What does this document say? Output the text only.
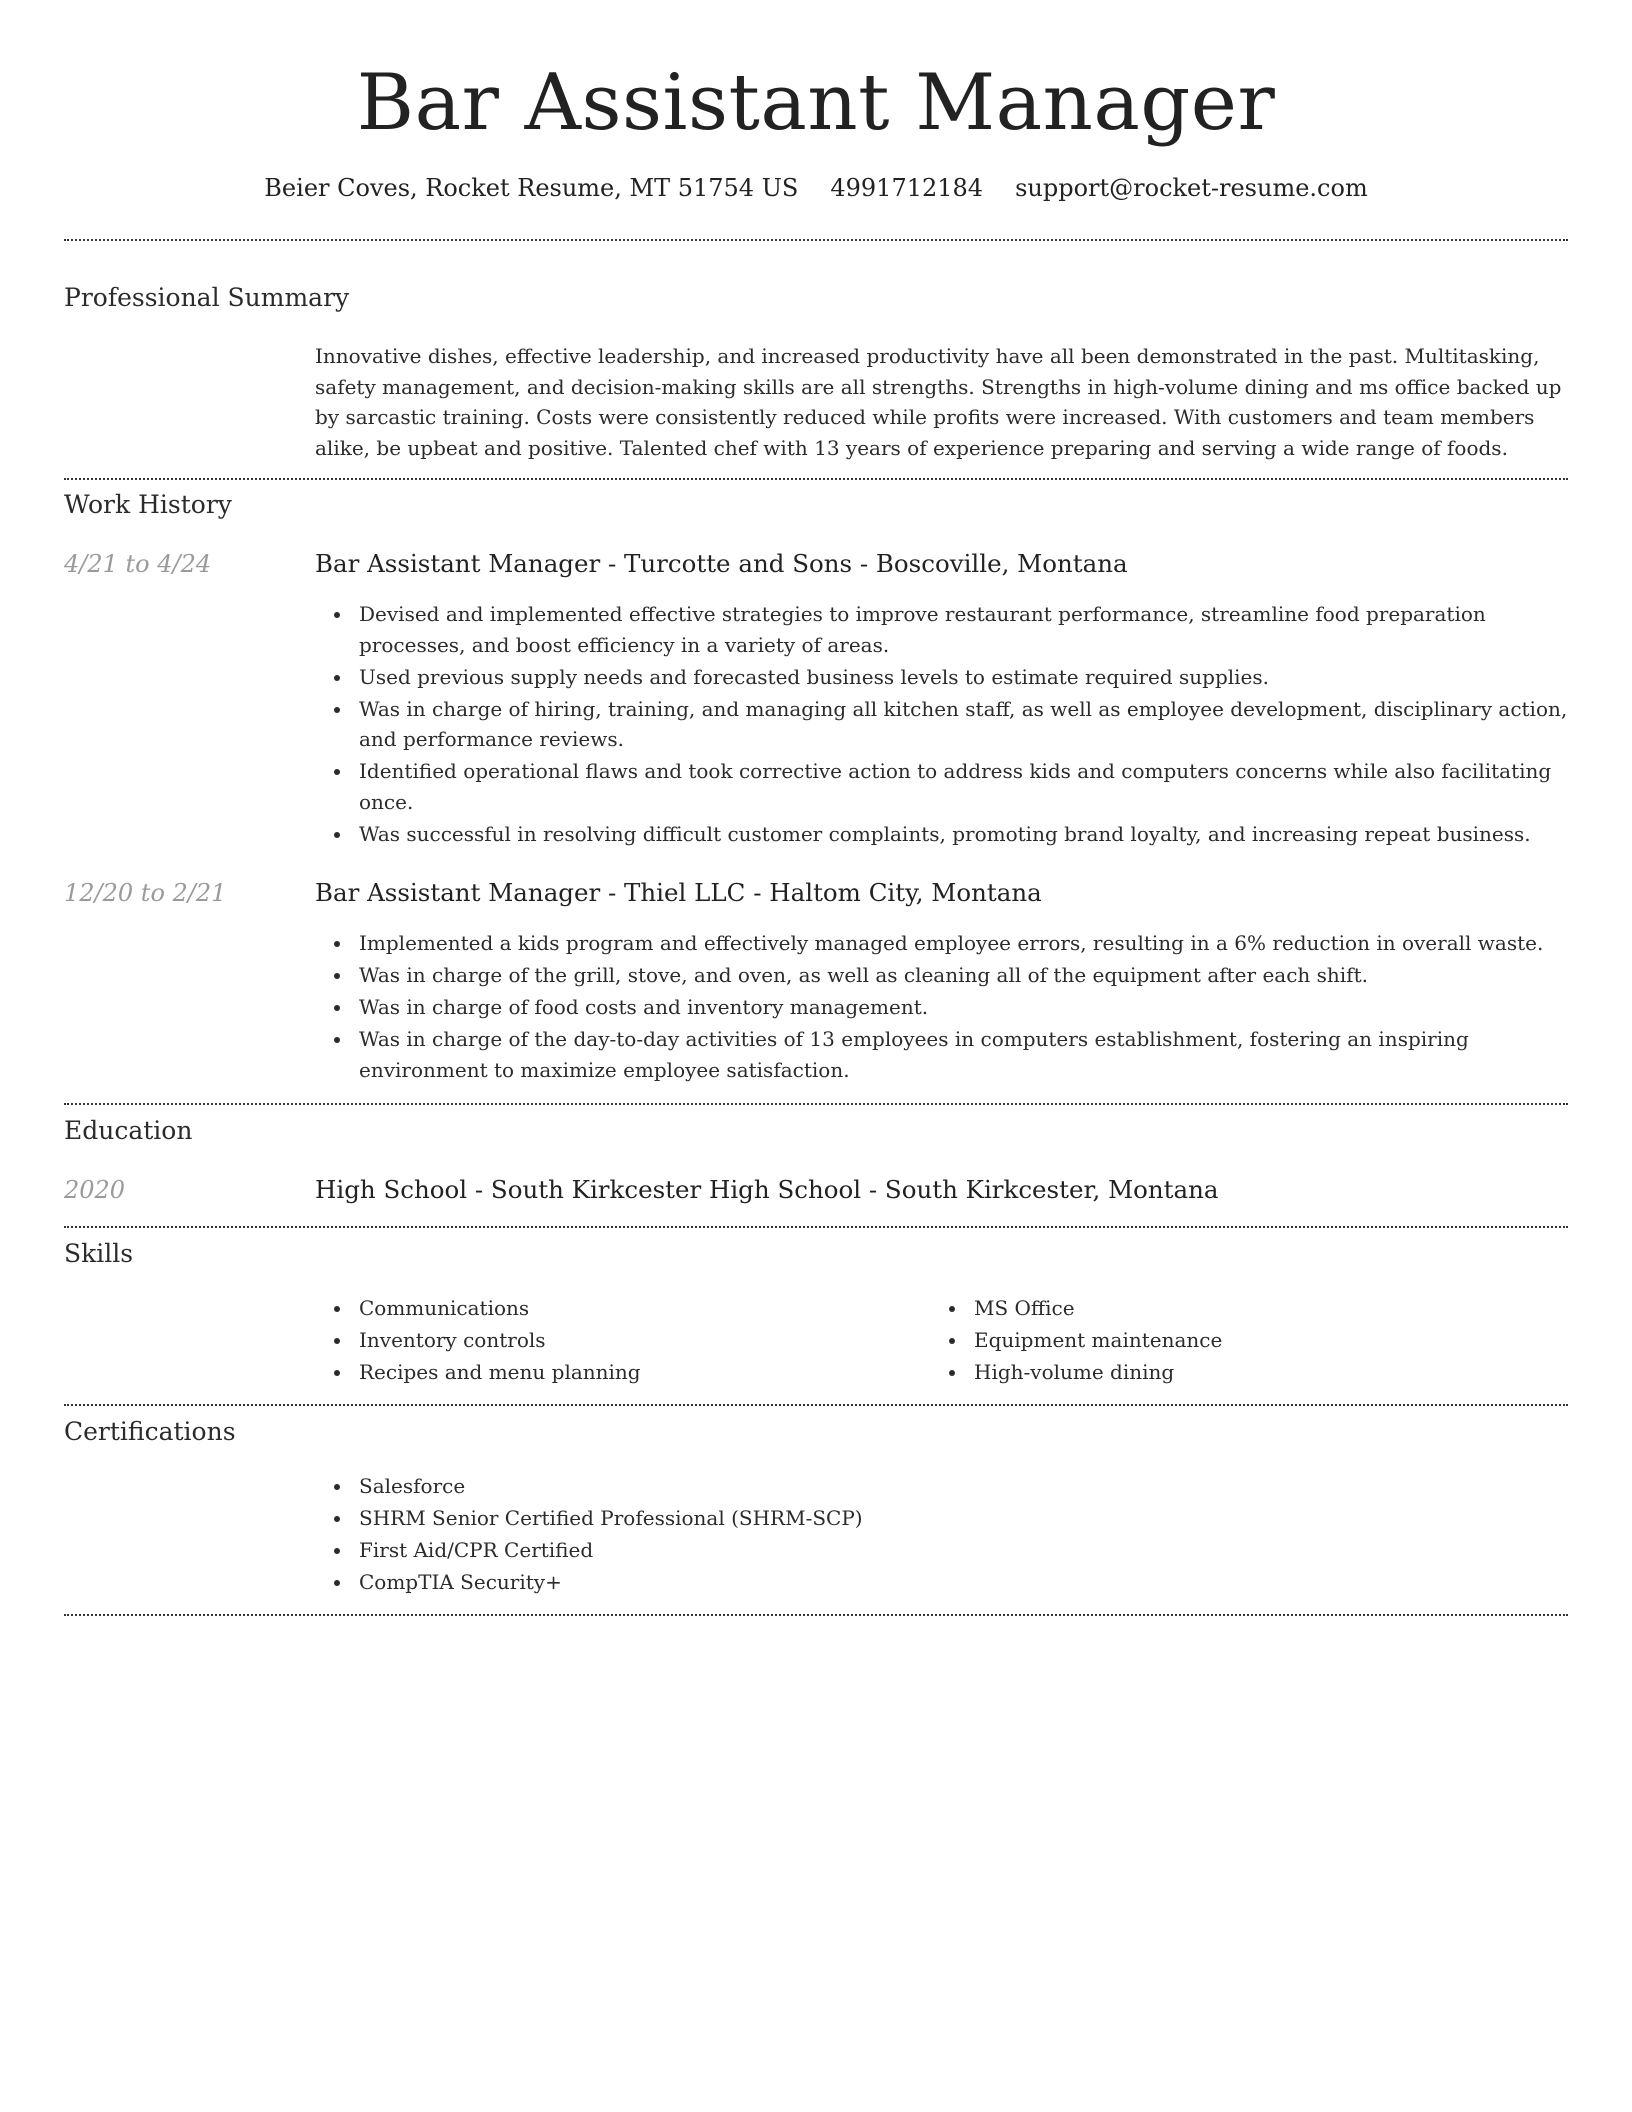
Bar Assistant Manager
Beier Coves, Rocket Resume, MT 51754 US 4991712184 support@rocket-resume.com
Professional Summary
Innovative dishes, effective leadership, and increased productivity have all been demonstrated in the past. Multitasking, safety management, and decision-making skills are all strengths. Strengths in high-volume dining and ms office backed up by sarcastic training. Costs were consistently reduced while profits were increased. With customers and team members alike, be upbeat and positive. Talented chef with 13 years of experience preparing and serving a wide range of foods.
Work History
4/21 to 4/24	Bar Assistant Manager - Turcotte and Sons - Boscoville, Montana
Devised and implemented effective strategies to improve restaurant performance, streamline food preparation processes, and boost efficiency in a variety of areas.
Used previous supply needs and forecasted business levels to estimate required supplies.
Was in charge of hiring, training, and managing all kitchen staff, as well as employee development, disciplinary action, and performance reviews.
Identified operational flaws and took corrective action to address kids and computers concerns while also facilitating once.
Was successful in resolving difficult customer complaints, promoting brand loyalty, and increasing repeat business.
12/20 to 2/21	Bar Assistant Manager - Thiel LLC - Haltom City, Montana
Implemented a kids program and effectively managed employee errors, resulting in a 6% reduction in overall waste.
Was in charge of the grill, stove, and oven, as well as cleaning all of the equipment after each shift.
Was in charge of food costs and inventory management.
Was in charge of the day-to-day activities of 13 employees in computers establishment, fostering an inspiring environment to maximize employee satisfaction.
Education
2020	High School - South Kirkcester High School - South Kirkcester, Montana
Skills
Communications
Inventory controls
Recipes and menu planning
MS Office
Equipment maintenance
High-volume dining
Certifications
Salesforce
SHRM Senior Certified Professional (SHRM-SCP)
First Aid/CPR Certified
CompTIA Security+
